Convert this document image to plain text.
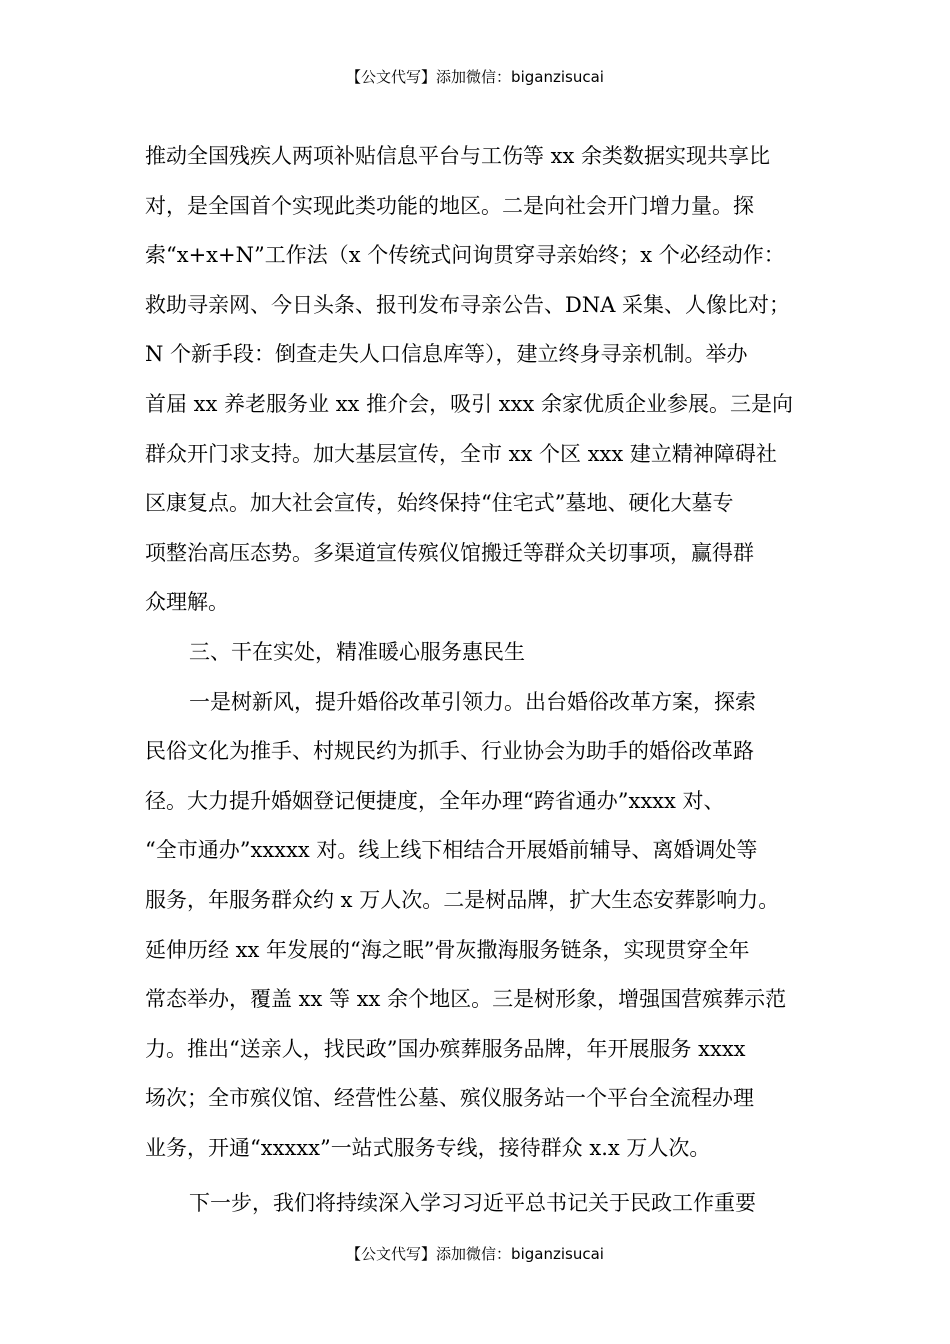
【公文代写】添加微信：biganzisucai
推动全国残疾人两项补贴信息平台与工伤等 xx 余类数据实现共享比
对，是全国首个实现此类功能的地区。二是向社会开门增力量。探
索“x+x+N”工作法（x 个传统式问询贯穿寻亲始终；x 个必经动作：
救助寻亲网、今日头条、报刊发布寻亲公告、DNA 采集、人像比对；
N 个新手段：倒查走失人口信息库等），建立终身寻亲机制。举办
首届 xx 养老服务业 xx 推介会，吸引 xxx 余家优质企业参展。三是向
群众开门求支持。加大基层宣传，全市 xx 个区 xxx 建立精神障碍社
区康复点。加大社会宣传，始终保持“住宅式”墓地、硬化大墓专
项整治高压态势。多渠道宣传殡仪馆搬迁等群众关切事项，赢得群
众理解。
三、干在实处，精准暖心服务惠民生
一是树新风，提升婚俗改革引领力。出台婚俗改革方案，探索
民俗文化为推手、村规民约为抓手、行业协会为助手的婚俗改革路
径。大力提升婚姻登记便捷度，全年办理“跨省通办”xxxx 对、
“全市通办”xxxxx 对。线上线下相结合开展婚前辅导、离婚调处等
服务，年服务群众约 x 万人次。二是树品牌，扩大生态安葬影响力。
延伸历经 xx 年发展的“海之眠”骨灰撒海服务链条，实现贯穿全年
常态举办，覆盖 xx 等 xx 余个地区。三是树形象，增强国营殡葬示范
力。推出“送亲人，找民政”国办殡葬服务品牌，年开展服务 xxxx
场次；全市殡仪馆、经营性公墓、殡仪服务站一个平台全流程办理
业务，开通“xxxxx”一站式服务专线，接待群众 x.x 万人次。
下一步，我们将持续深入学习习近平总书记关于民政工作重要
【公文代写】添加微信：biganzisucai
